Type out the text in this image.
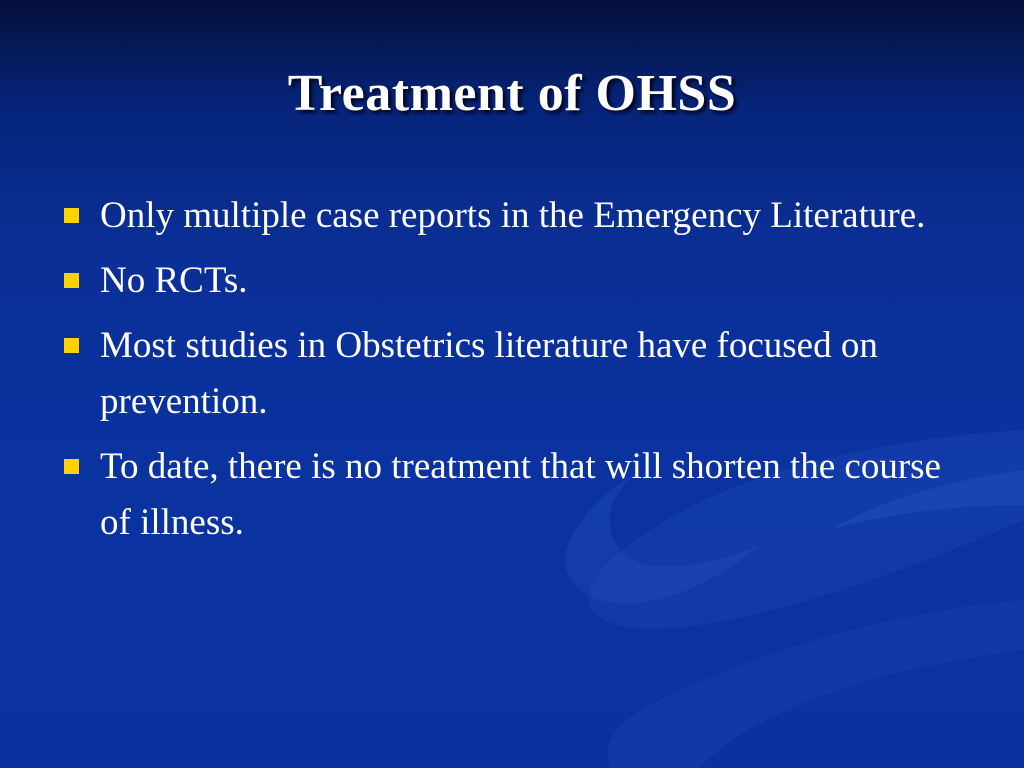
Treatment of OHSS
Only multiple case reports in the Emergency Literature.
No RCTs.
Most studies in Obstetrics literature have focused on prevention.
To date, there is no treatment that will shorten the course of illness.
